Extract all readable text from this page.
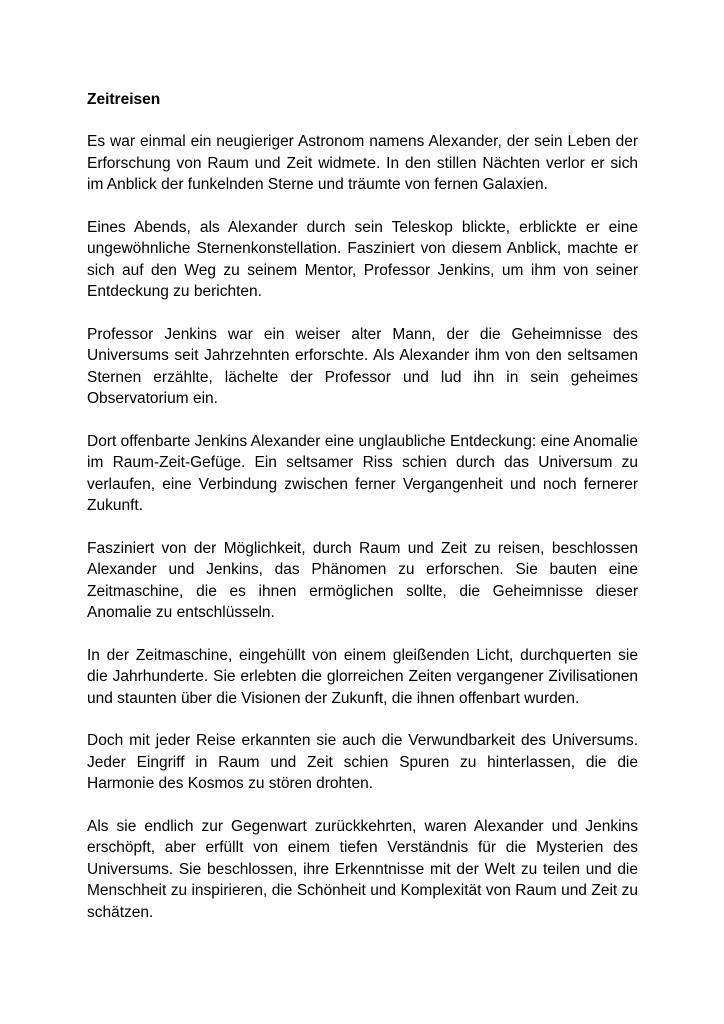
Zeitreisen

Es war einmal ein neugieriger Astronom namens Alexander, der sein Leben der Erforschung von Raum und Zeit widmete. In den stillen Nächten verlor er sich im Anblick der funkelnden Sterne und träumte von fernen Galaxien.

Eines Abends, als Alexander durch sein Teleskop blickte, erblickte er eine ungewöhnliche Sternenkonstellation. Fasziniert von diesem Anblick, machte er sich auf den Weg zu seinem Mentor, Professor Jenkins, um ihm von seiner Entdeckung zu berichten.

Professor Jenkins war ein weiser alter Mann, der die Geheimnisse des Universums seit Jahrzehnten erforschte. Als Alexander ihm von den seltsamen Sternen erzählte, lächelte der Professor und lud ihn in sein geheimes Observatorium ein.

Dort offenbarte Jenkins Alexander eine unglaubliche Entdeckung: eine Anomalie im Raum-Zeit-Gefüge. Ein seltsamer Riss schien durch das Universum zu verlaufen, eine Verbindung zwischen ferner Vergangenheit und noch fernerer Zukunft.

Fasziniert von der Möglichkeit, durch Raum und Zeit zu reisen, beschlossen Alexander und Jenkins, das Phänomen zu erforschen. Sie bauten eine Zeitmaschine, die es ihnen ermöglichen sollte, die Geheimnisse dieser Anomalie zu entschlüsseln.

In der Zeitmaschine, eingehüllt von einem gleißenden Licht, durchquerten sie die Jahrhunderte. Sie erlebten die glorreichen Zeiten vergangener Zivilisationen und staunten über die Visionen der Zukunft, die ihnen offenbart wurden.

Doch mit jeder Reise erkannten sie auch die Verwundbarkeit des Universums. Jeder Eingriff in Raum und Zeit schien Spuren zu hinterlassen, die die Harmonie des Kosmos zu stören drohten.

Als sie endlich zur Gegenwart zurückkehrten, waren Alexander und Jenkins erschöpft, aber erfüllt von einem tiefen Verständnis für die Mysterien des Universums. Sie beschlossen, ihre Erkenntnisse mit der Welt zu teilen und die Menschheit zu inspirieren, die Schönheit und Komplexität von Raum und Zeit zu schätzen.
